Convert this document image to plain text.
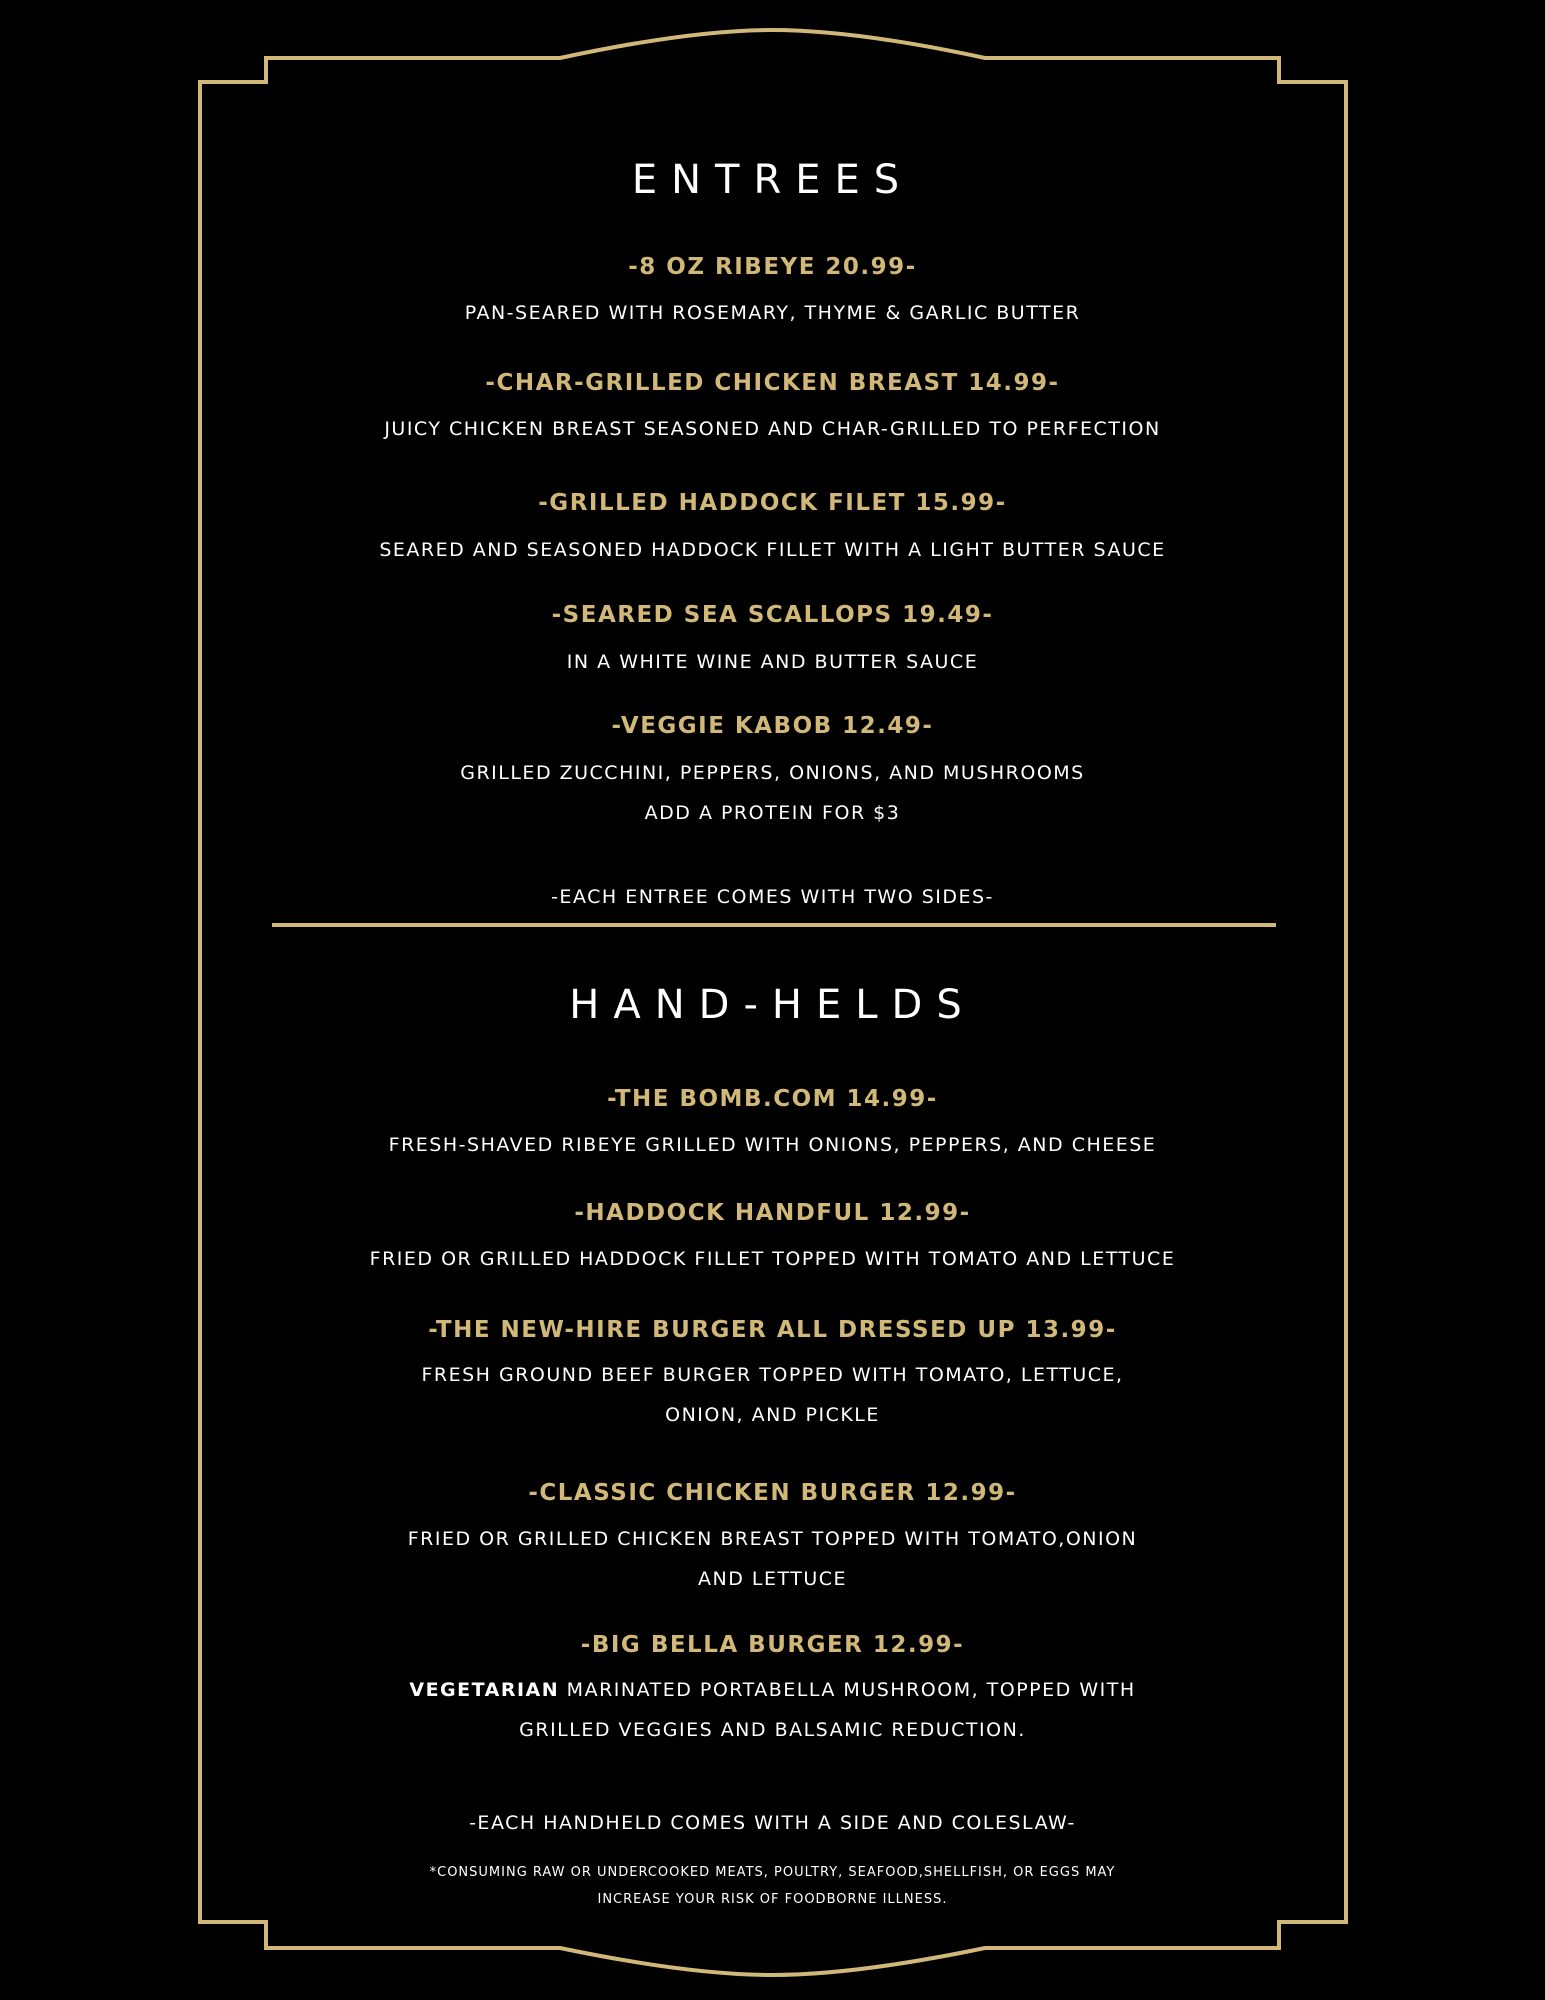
ENTREES
-8 OZ RIBEYE 20.99-
PAN-SEARED WITH ROSEMARY, THYME & GARLIC BUTTER
-CHAR-GRILLED CHICKEN BREAST 14.99-
JUICY CHICKEN BREAST SEASONED AND CHAR-GRILLED TO PERFECTION
-GRILLED HADDOCK FILET 15.99-
SEARED AND SEASONED HADDOCK FILLET WITH A LIGHT BUTTER SAUCE
-SEARED SEA SCALLOPS 19.49-
IN A WHITE WINE AND BUTTER SAUCE
-VEGGIE KABOB 12.49-
GRILLED ZUCCHINI, PEPPERS, ONIONS, AND MUSHROOMS
ADD A PROTEIN FOR $3
-EACH ENTREE COMES WITH TWO SIDES-
HAND-HELDS
-THE BOMB.COM 14.99-
FRESH-SHAVED RIBEYE GRILLED WITH ONIONS, PEPPERS, AND CHEESE
-HADDOCK HANDFUL 12.99-
FRIED OR GRILLED HADDOCK FILLET TOPPED WITH TOMATO AND LETTUCE
-THE NEW-HIRE BURGER ALL DRESSED UP 13.99-
FRESH GROUND BEEF BURGER TOPPED WITH TOMATO, LETTUCE,
ONION, AND PICKLE
-CLASSIC CHICKEN BURGER 12.99-
FRIED OR GRILLED CHICKEN BREAST TOPPED WITH TOMATO,ONION
AND LETTUCE
-BIG BELLA BURGER 12.99-
VEGETARIAN MARINATED PORTABELLA MUSHROOM, TOPPED WITH
GRILLED VEGGIES AND BALSAMIC REDUCTION.
-EACH HANDHELD COMES WITH A SIDE AND COLESLAW-
*CONSUMING RAW OR UNDERCOOKED MEATS, POULTRY, SEAFOOD,SHELLFISH, OR EGGS MAY
INCREASE YOUR RISK OF FOODBORNE ILLNESS.
